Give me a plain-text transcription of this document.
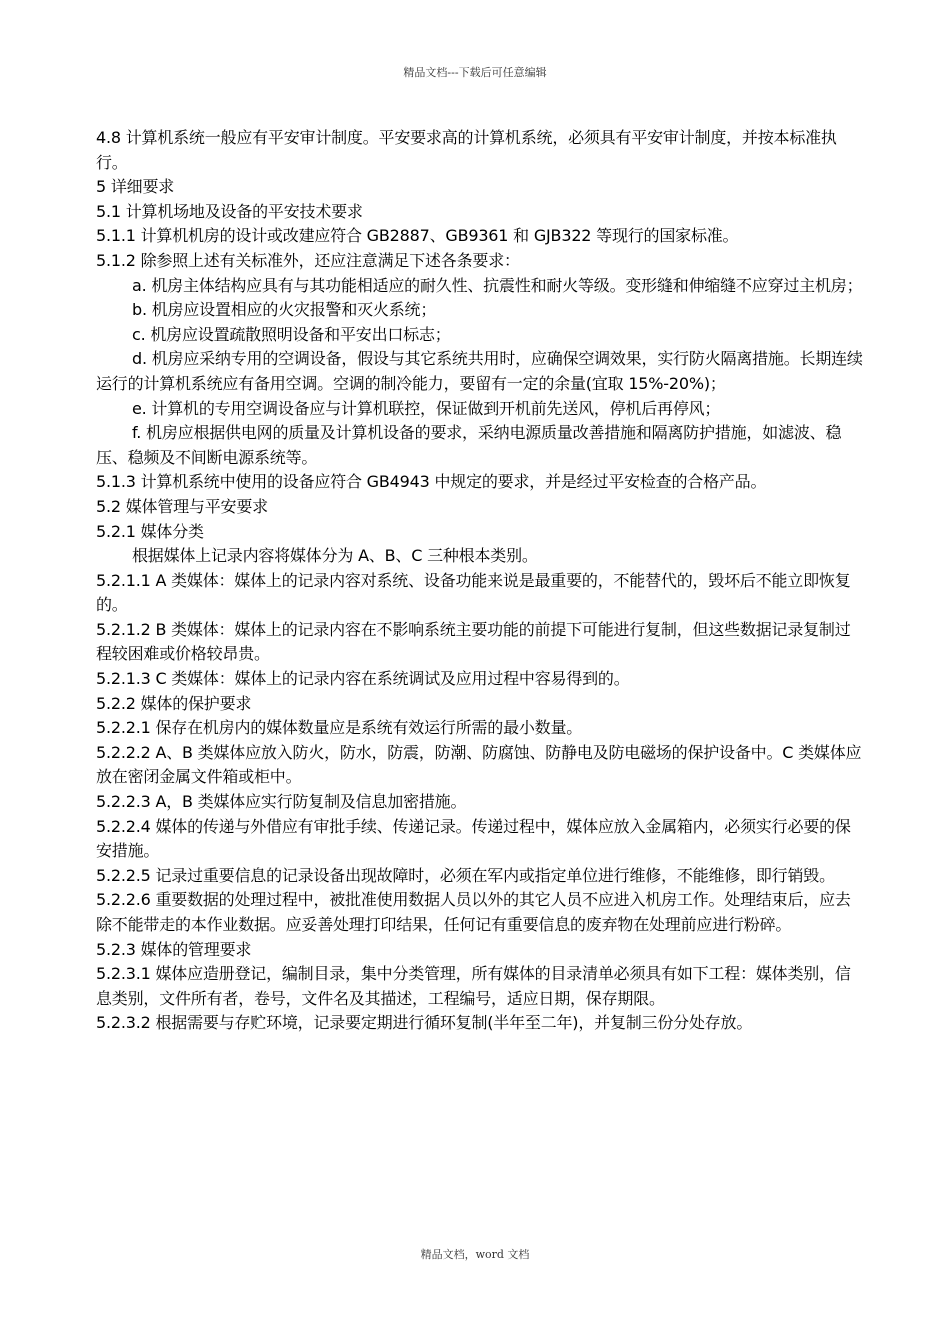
精品文档---下载后可任意编辑

4.8 计算机系统一般应有平安审计制度。平安要求高的计算机系统，必须具有平安审计制度，并按本标准执行。

5 详细要求

5.1 计算机场地及设备的平安技术要求

5.1.1 计算机机房的设计或改建应符合 GB2887、GB9361 和 GJB322 等现行的国家标准。

5.1.2 除参照上述有关标准外，还应注意满足下述各条要求：

a. 机房主体结构应具有与其功能相适应的耐久性、抗震性和耐火等级。变形缝和伸缩缝不应穿过主机房；

b. 机房应设置相应的火灾报警和灭火系统；

c. 机房应设置疏散照明设备和平安出口标志；

d. 机房应采纳专用的空调设备，假设与其它系统共用时，应确保空调效果，实行防火隔离措施。长期连续运行的计算机系统应有备用空调。空调的制冷能力，要留有一定的余量(宜取 15%-20%)；

e. 计算机的专用空调设备应与计算机联控，保证做到开机前先送风，停机后再停风；

f. 机房应根据供电网的质量及计算机设备的要求，采纳电源质量改善措施和隔离防护措施，如滤波、稳压、稳频及不间断电源系统等。

5.1.3 计算机系统中使用的设备应符合 GB4943 中规定的要求，并是经过平安检查的合格产品。

5.2 媒体管理与平安要求

5.2.1 媒体分类

根据媒体上记录内容将媒体分为 A、B、C 三种根本类别。

5.2.1.1 A 类媒体：媒体上的记录内容对系统、设备功能来说是最重要的，不能替代的，毁坏后不能立即恢复的。

5.2.1.2 B 类媒体：媒体上的记录内容在不影响系统主要功能的前提下可能进行复制，但这些数据记录复制过程较困难或价格较昂贵。

5.2.1.3 C 类媒体：媒体上的记录内容在系统调试及应用过程中容易得到的。

5.2.2 媒体的保护要求

5.2.2.1 保存在机房内的媒体数量应是系统有效运行所需的最小数量。

5.2.2.2 A、B 类媒体应放入防火，防水，防震，防潮、防腐蚀、防静电及防电磁场的保护设备中。C 类媒体应放在密闭金属文件箱或柜中。

5.2.2.3 A，B 类媒体应实行防复制及信息加密措施。

5.2.2.4 媒体的传递与外借应有审批手续、传递记录。传递过程中，媒体应放入金属箱内，必须实行必要的保安措施。

5.2.2.5 记录过重要信息的记录设备出现故障时，必须在军内或指定单位进行维修，不能维修，即行销毁。

5.2.2.6 重要数据的处理过程中，被批准使用数据人员以外的其它人员不应进入机房工作。处理结束后，应去除不能带走的本作业数据。应妥善处理打印结果，任何记有重要信息的废弃物在处理前应进行粉碎。

5.2.3 媒体的管理要求

5.2.3.1 媒体应造册登记，编制目录，集中分类管理，所有媒体的目录清单必须具有如下工程：媒体类别，信息类别，文件所有者，卷号，文件名及其描述，工程编号，适应日期，保存期限。

5.2.3.2 根据需要与存贮环境，记录要定期进行循环复制(半年至二年)，并复制三份分处存放。

精品文档，word 文档
